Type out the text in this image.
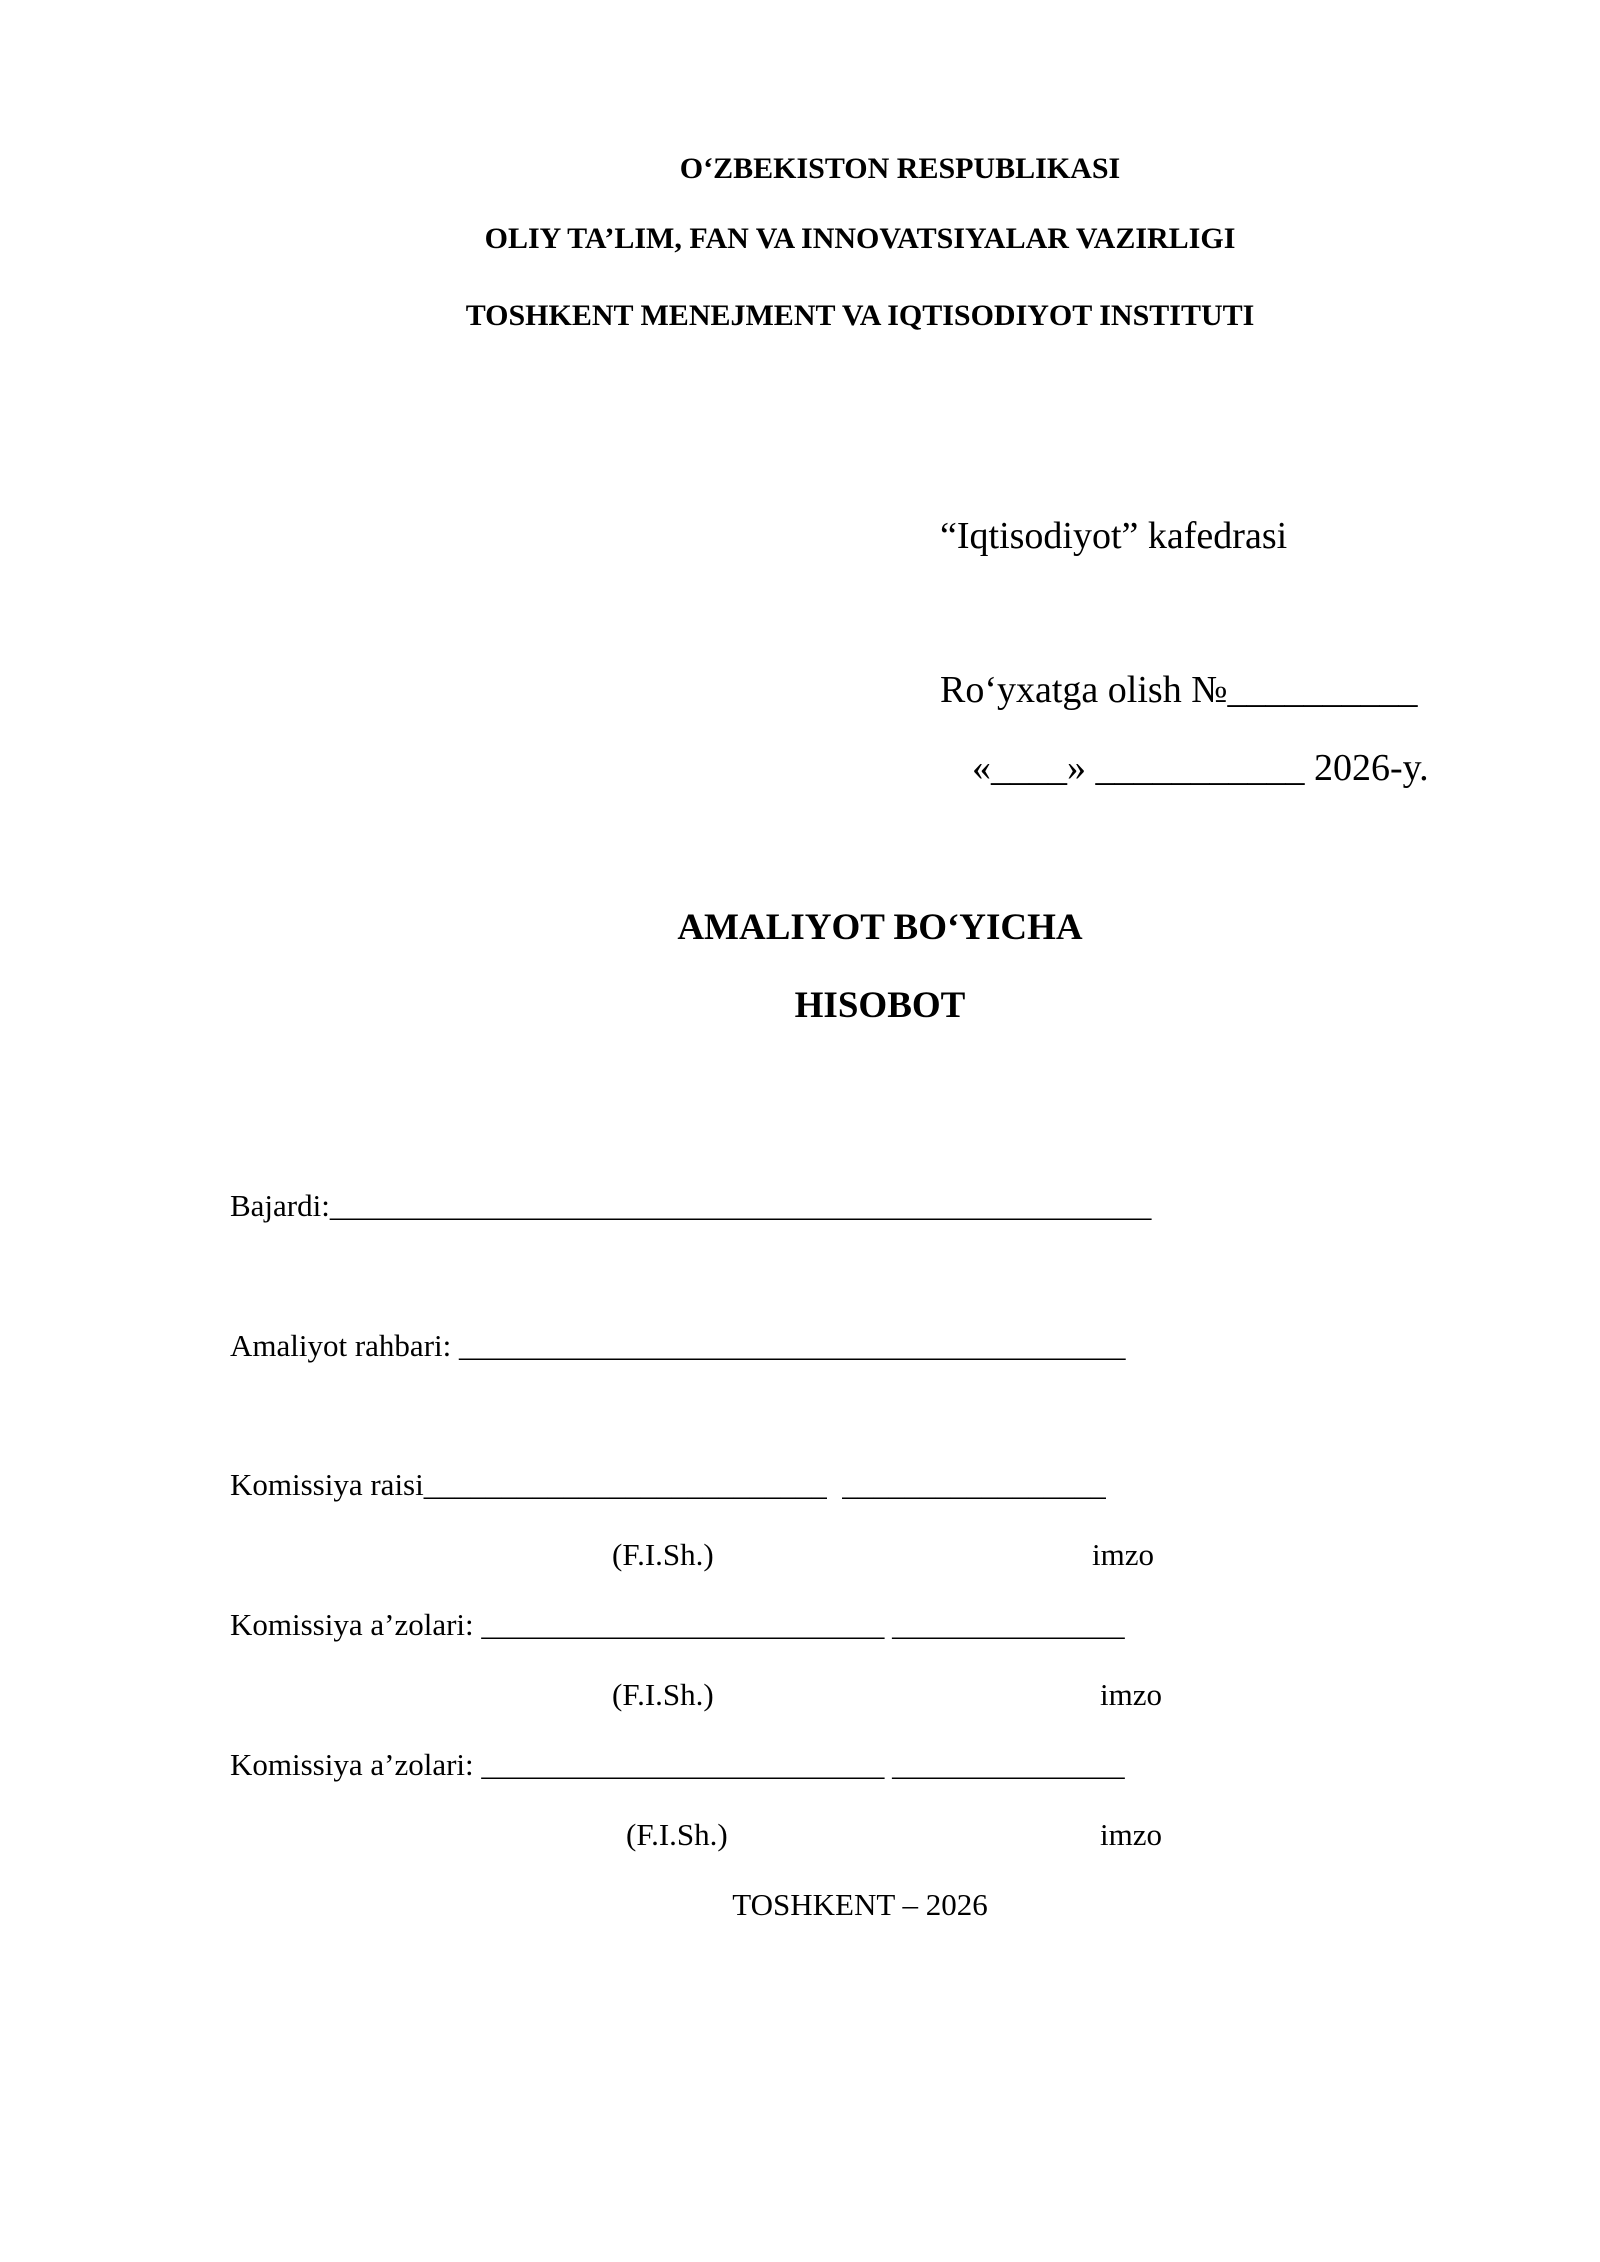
O‘ZBEKISTON RESPUBLIKASI
OLIY TA’LIM, FAN VA INNOVATSIYALAR VAZIRLIGI
TOSHKENT MENEJMENT VA IQTISODIYOT INSTITUTI
“Iqtisodiyot” kafedrasi
Ro‘yxatga olish №__________
«____» ___________ 2026-y.
AMALIYOT BO‘YICHA
HISOBOT
Bajardi:_____________________________________________________
Amaliyot rahbari: ___________________________________________
Komissiya raisi__________________________  _________________
(F.I.Sh.)	imzo
Komissiya a’zolari: __________________________ _______________
(F.I.Sh.)	imzo
Komissiya a’zolari: __________________________ _______________
(F.I.Sh.)	imzo
TOSHKENT – 2026
